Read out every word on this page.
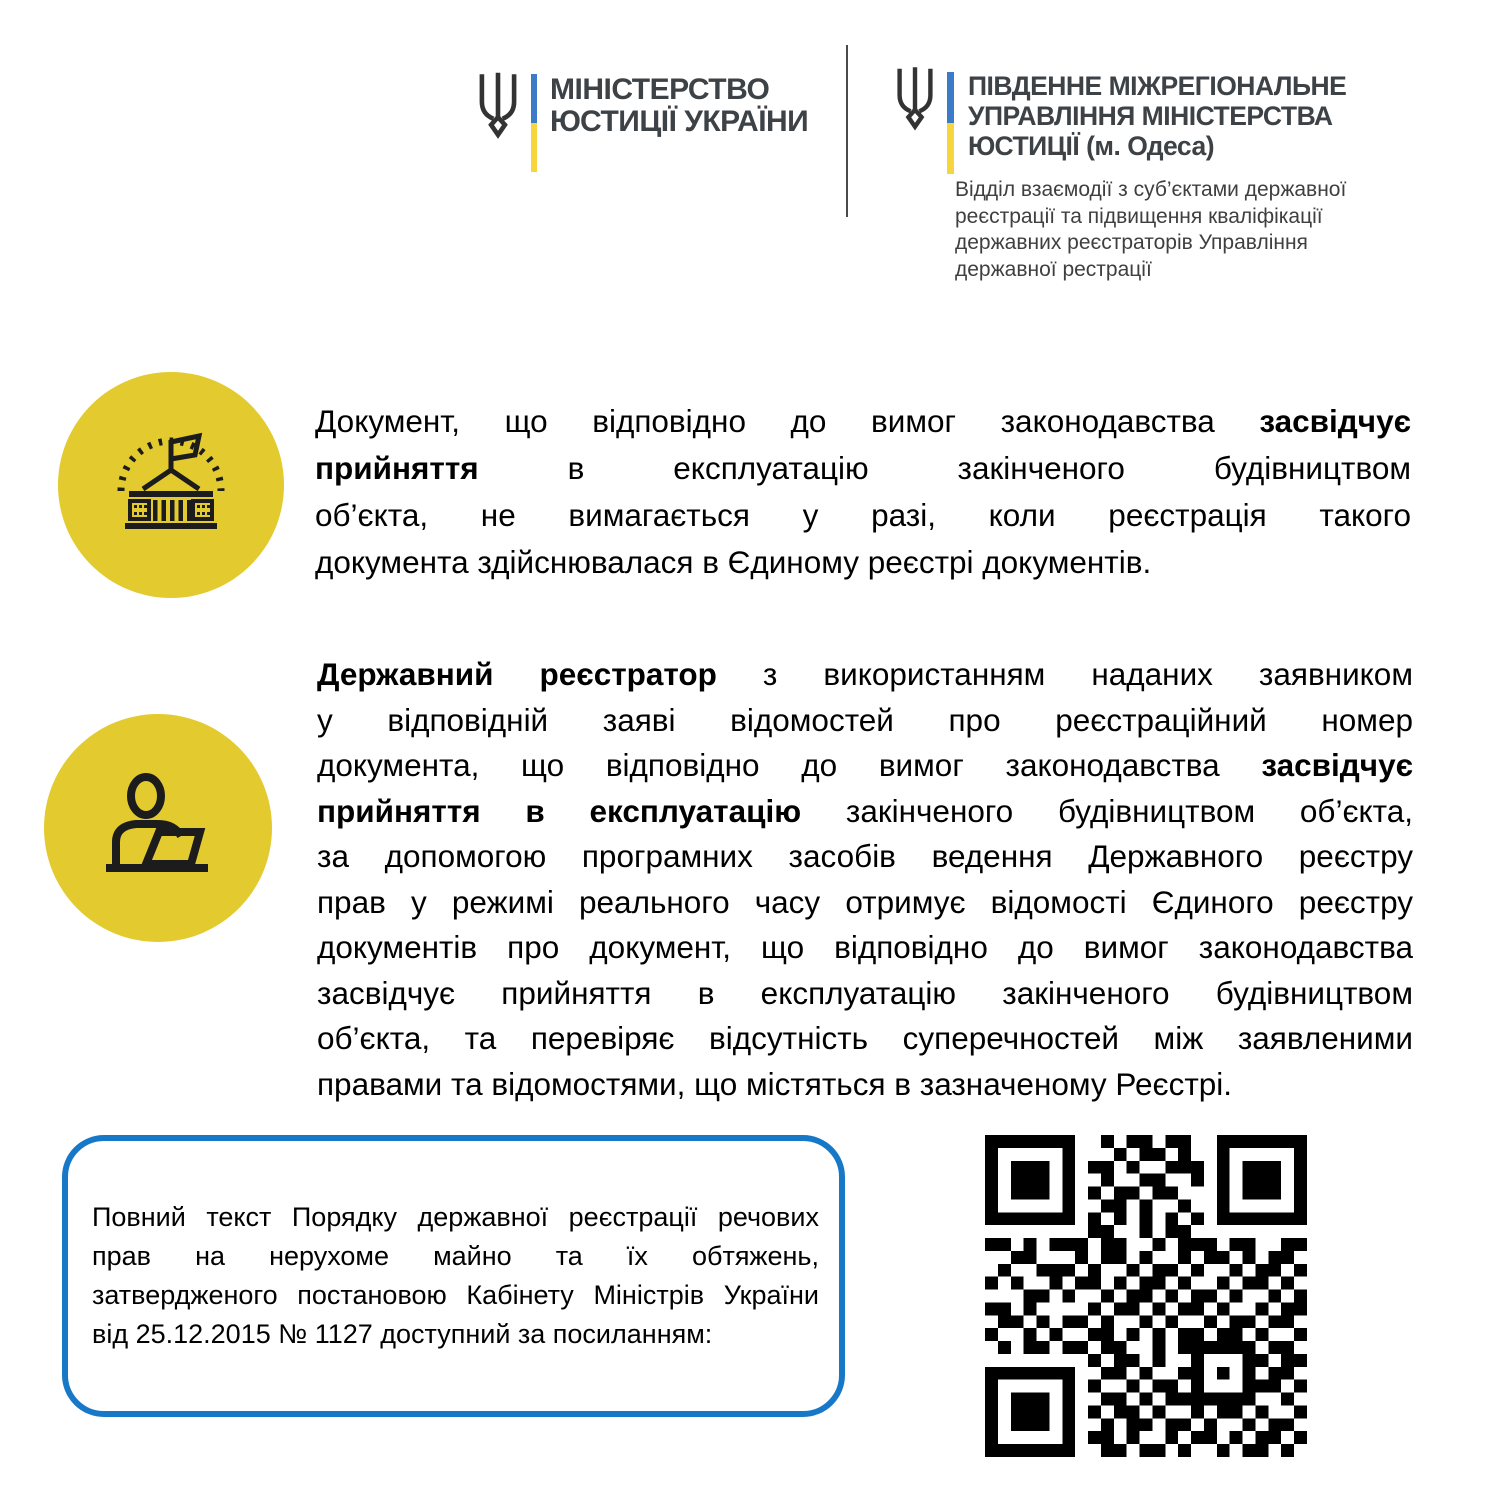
МІНІСТЕРСТВО
ЮСТИЦІЇ УКРАЇНИ
ПІВДЕННЕ МІЖРЕГІОНАЛЬНЕ
УПРАВЛІННЯ МІНІСТЕРСТВА
ЮСТИЦІЇ (м. Одеса)
Відділ взаємодії з суб’єктами державної
реєстрації та підвищення кваліфікації
державних реєстраторів Управління
державної рестрації
Документ, що відповідно до вимог законодавства засвідчує
прийняття в експлуатацію закінченого будівництвом
об’єкта, не вимагається у разі, коли реєстрація такого
документа здійснювалася в Єдиному реєстрі документів.
Державний реєстратор з використанням наданих заявником
у відповідній заяві відомостей про реєстраційний номер
документа, що відповідно до вимог законодавства засвідчує
прийняття в експлуатацію закінченого будівництвом об’єкта,
за допомогою програмних засобів ведення Державного реєстру
прав у режимі реального часу отримує відомості Єдиного реєстру
документів про документ, що відповідно до вимог законодавства
засвідчує прийняття в експлуатацію закінченого будівництвом
об’єкта, та перевіряє відсутність суперечностей між заявленими
правами та відомостями, що містяться в зазначеному Реєстрі.
Повний текст Порядку державної реєстрації речових
прав на нерухоме майно та їх обтяжень,
затвердженого постановою Кабінету Міністрів України
від 25.12.2015 № 1127 доступний за посиланням:
